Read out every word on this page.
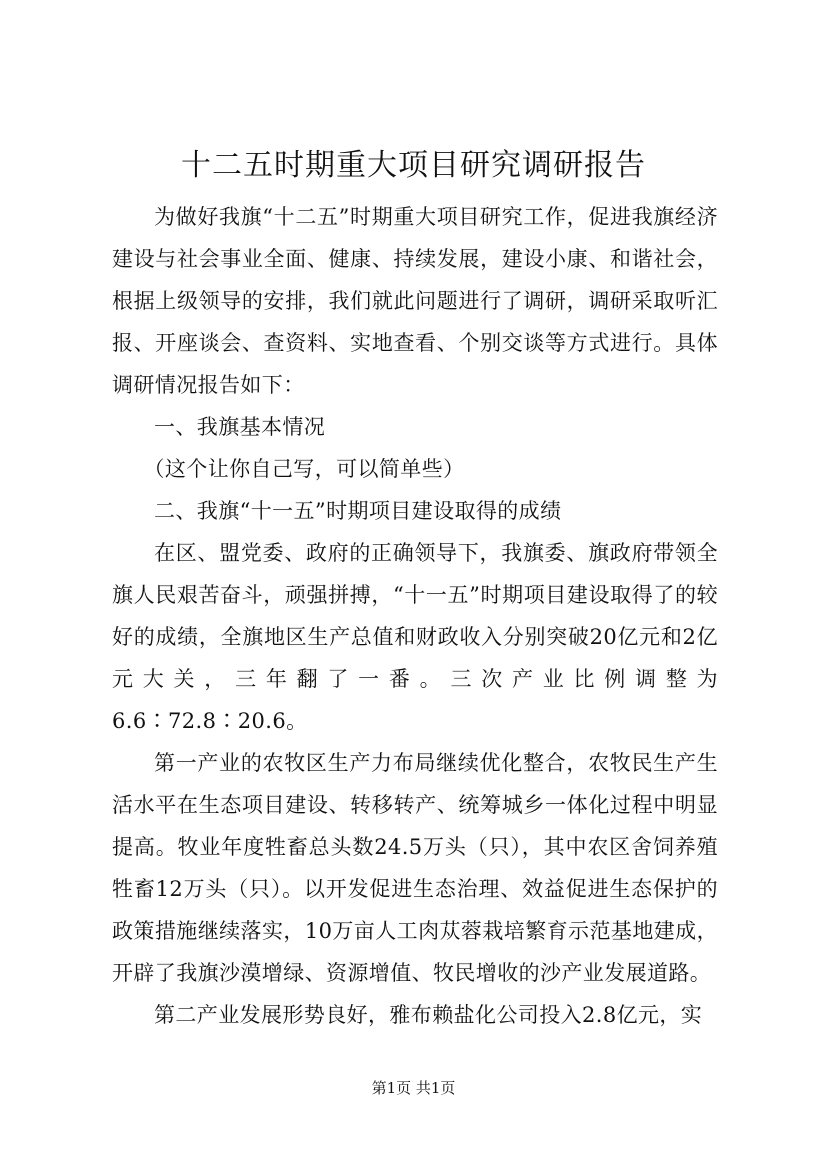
十二五时期重大项目研究调研报告

为做好我旗“十二五”时期重大项目研究工作，促进我旗经济建设与社会事业全面、健康、持续发展，建设小康、和谐社会，根据上级领导的安排，我们就此问题进行了调研，调研采取听汇报、开座谈会、查资料、实地查看、个别交谈等方式进行。具体调研情况报告如下：

一、我旗基本情况

（这个让你自己写，可以简单些）

二、我旗“十一五”时期项目建设取得的成绩

在区、盟党委、政府的正确领导下，我旗委、旗政府带领全旗人民艰苦奋斗，顽强拼搏，“十一五”时期项目建设取得了的较好的成绩，全旗地区生产总值和财政收入分别突破20亿元和2亿元大关，三年翻了一番。三次产业比例调整为6.6∶72.8∶20.6。

第一产业的农牧区生产力布局继续优化整合，农牧民生产生活水平在生态项目建设、转移转产、统筹城乡一体化过程中明显提高。牧业年度牲畜总头数24.5万头（只），其中农区舍饲养殖牲畜12万头（只）。以开发促进生态治理、效益促进生态保护的政策措施继续落实，10万亩人工肉苁蓉栽培繁育示范基地建成，开辟了我旗沙漠增绿、资源增值、牧民增收的沙产业发展道路。

第二产业发展形势良好，雅布赖盐化公司投入2.8亿元，实

第1页 共1页
